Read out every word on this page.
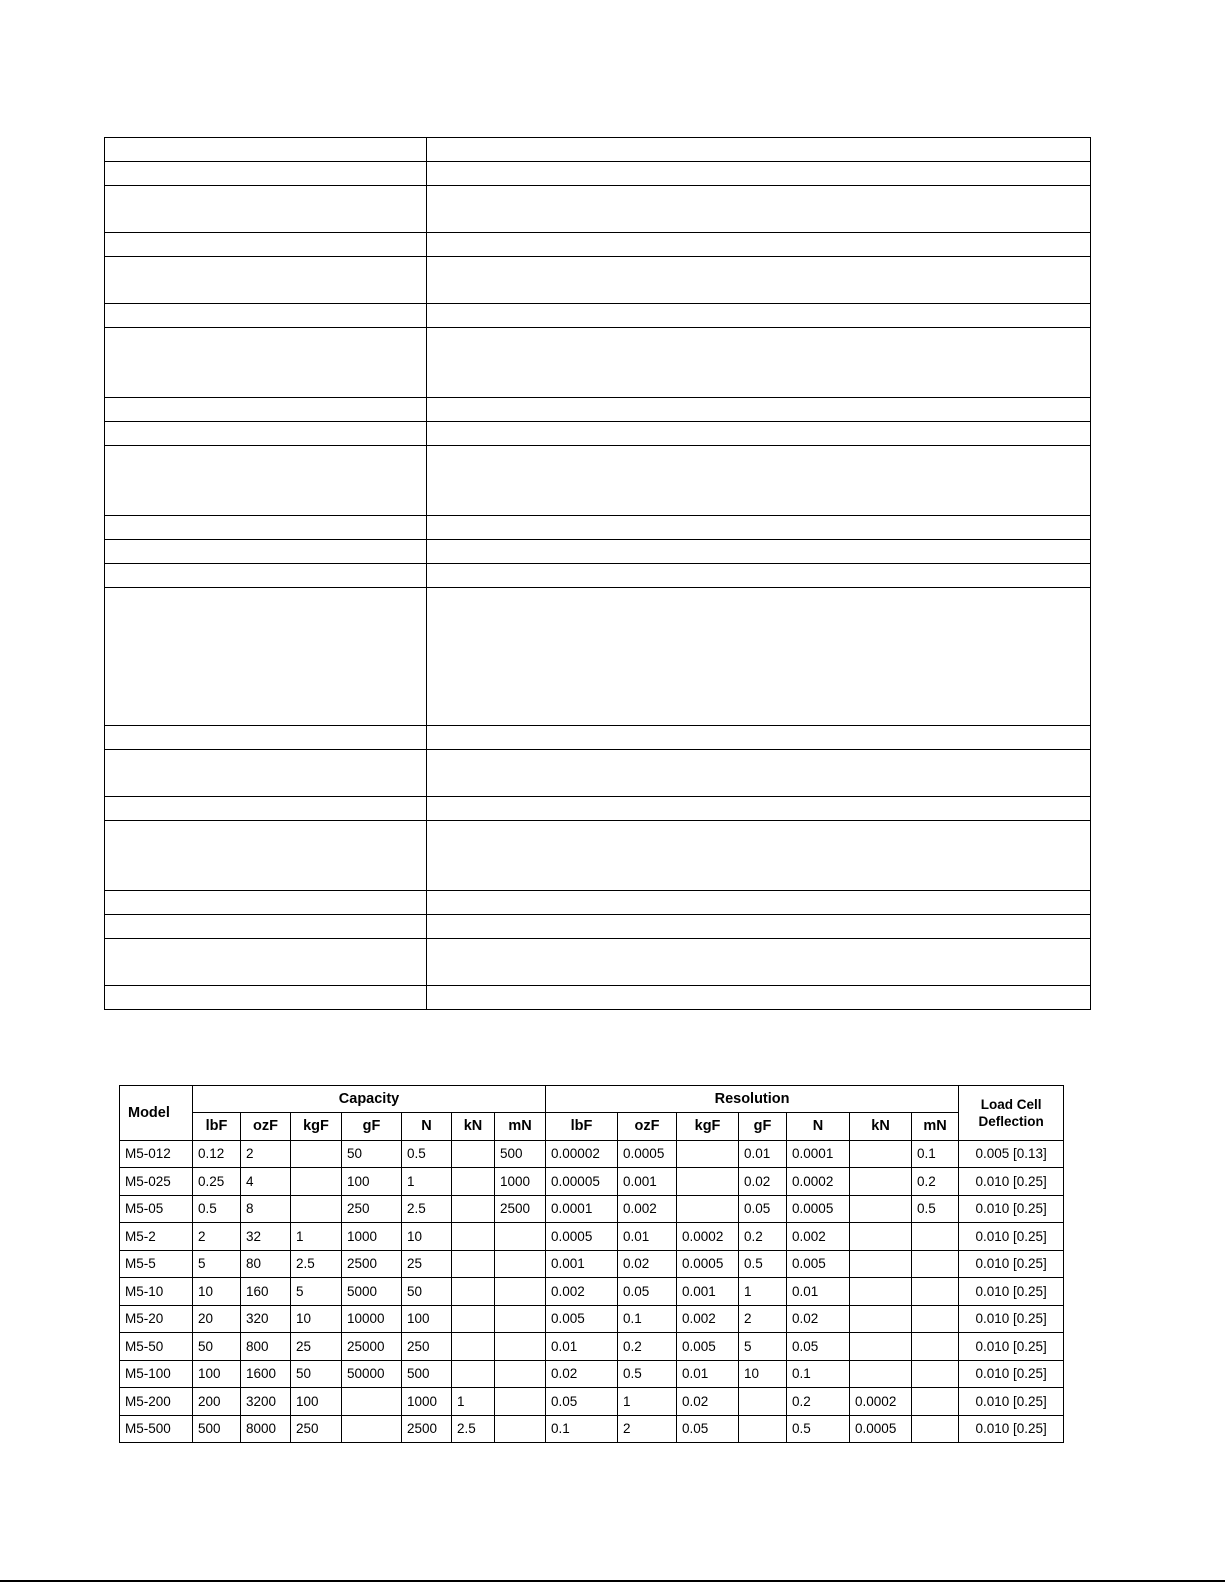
Model	Capacity							Resolution							Load Cell
Deflection
	lbF	ozF	kgF	gF	N	kN	mN	lbF	ozF	kgF	gF	N	kN	mN	
M5-012	0.12	2		50	0.5		500	0.00002	0.0005		0.01	0.0001		0.1	0.005 [0.13]
M5-025	0.25	4		100	1		1000	0.00005	0.001		0.02	0.0002		0.2	0.010 [0.25]
M5-05	0.5	8		250	2.5		2500	0.0001	0.002		0.05	0.0005		0.5	0.010 [0.25]
M5-2	2	32	1	1000	10			0.0005	0.01	0.0002	0.2	0.002			0.010 [0.25]
M5-5	5	80	2.5	2500	25			0.001	0.02	0.0005	0.5	0.005			0.010 [0.25]
M5-10	10	160	5	5000	50			0.002	0.05	0.001	1	0.01			0.010 [0.25]
M5-20	20	320	10	10000	100			0.005	0.1	0.002	2	0.02			0.010 [0.25]
M5-50	50	800	25	25000	250			0.01	0.2	0.005	5	0.05			0.010 [0.25]
M5-100	100	1600	50	50000	500			0.02	0.5	0.01	10	0.1			0.010 [0.25]
M5-200	200	3200	100		1000	1		0.05	1	0.02		0.2	0.0002		0.010 [0.25]
M5-500	500	8000	250		2500	2.5		0.1	2	0.05		0.5	0.0005		0.010 [0.25]
